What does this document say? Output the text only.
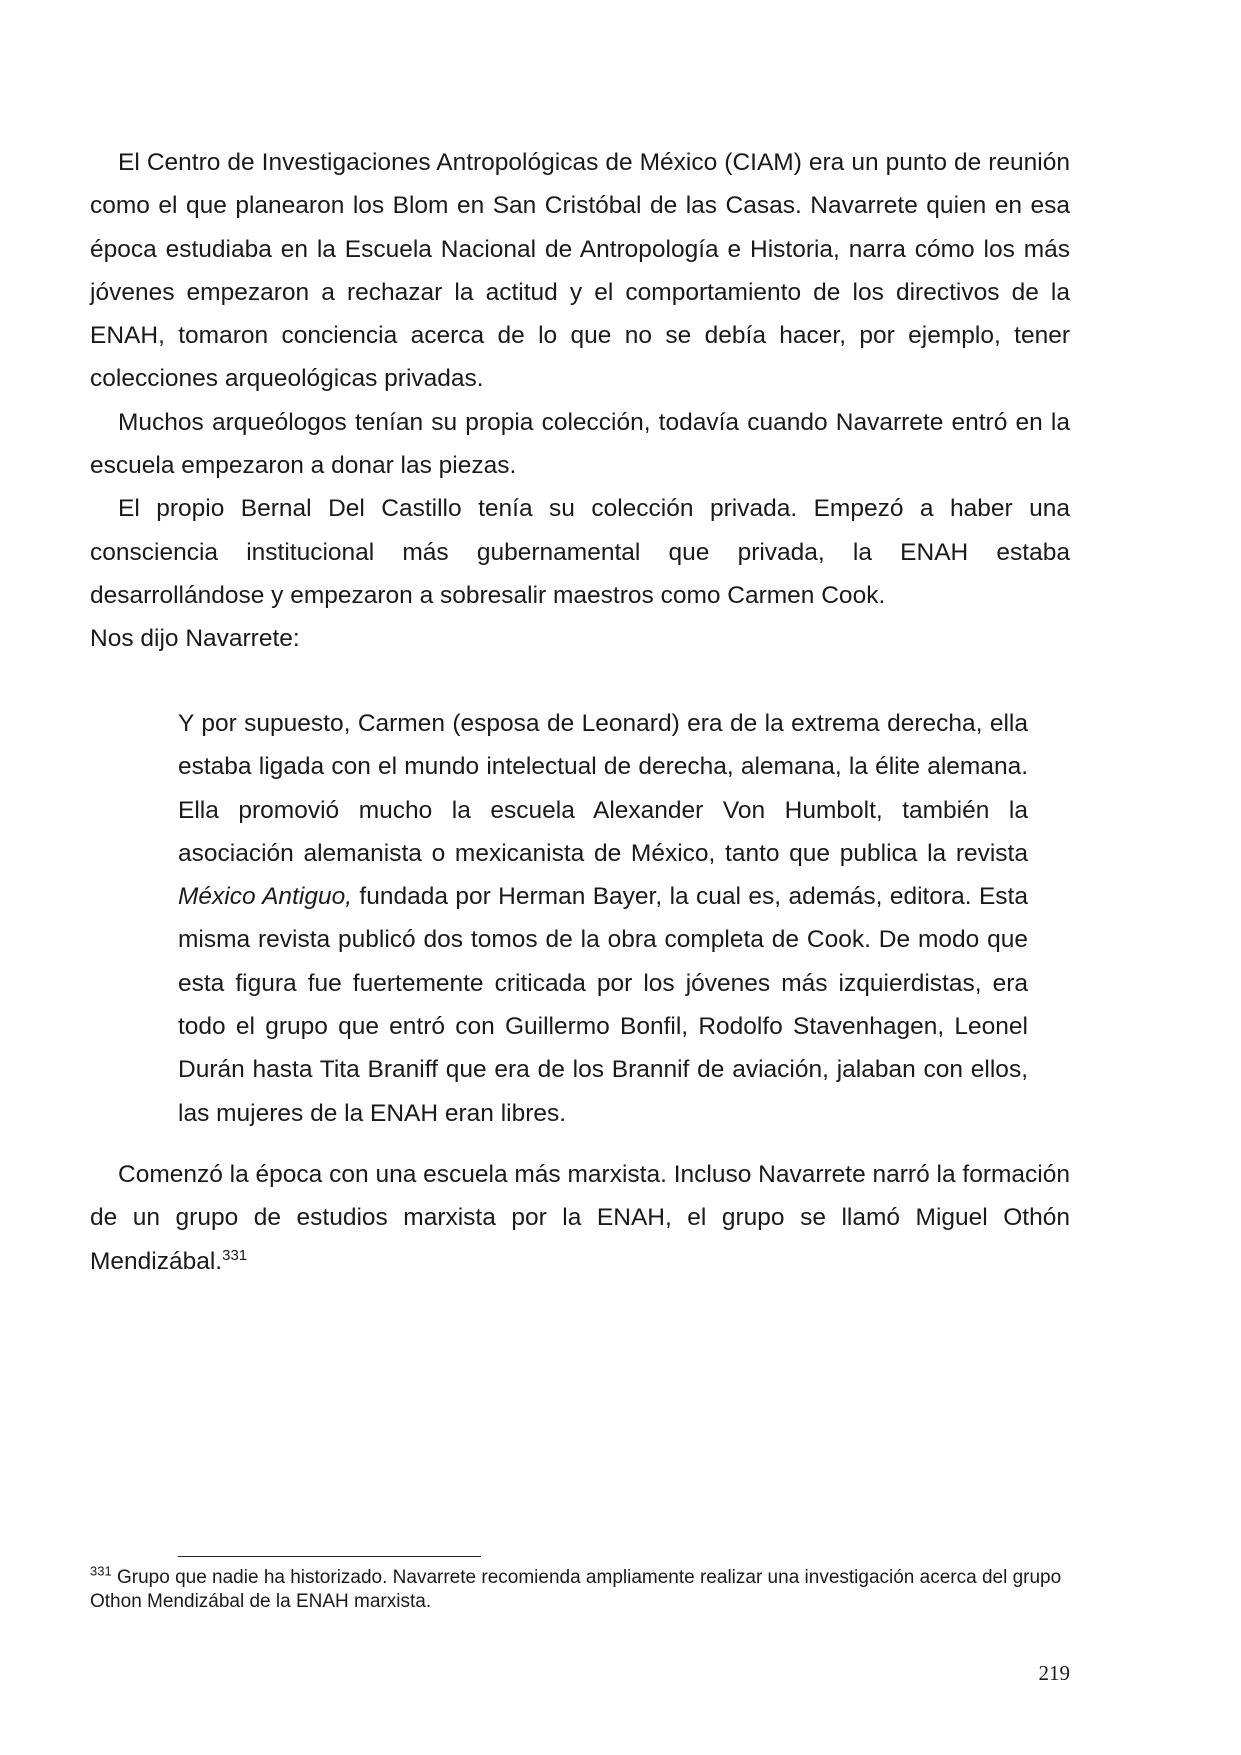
El Centro de Investigaciones Antropológicas de México (CIAM) era un punto de reunión como el que planearon los Blom en San Cristóbal de las Casas. Navarrete quien en esa época estudiaba en la Escuela Nacional de Antropología e Historia, narra cómo los más jóvenes empezaron a rechazar la actitud y el comportamiento de los directivos de la ENAH, tomaron conciencia acerca de lo que no se debía hacer, por ejemplo, tener colecciones arqueológicas privadas.

Muchos arqueólogos tenían su propia colección, todavía cuando Navarrete entró en la escuela empezaron a donar las piezas.

El propio Bernal Del Castillo tenía su colección privada. Empezó a haber una consciencia institucional más gubernamental que privada, la ENAH estaba desarrollándose y empezaron a sobresalir maestros como Carmen Cook.

Nos dijo Navarrete:

Y por supuesto, Carmen (esposa de Leonard) era de la extrema derecha, ella estaba ligada con el mundo intelectual de derecha, alemana, la élite alemana. Ella promovió mucho la escuela Alexander Von Humbolt, también la asociación alemanista o mexicanista de México, tanto que publica la revista México Antiguo, fundada por Herman Bayer, la cual es, además, editora. Esta misma revista publicó dos tomos de la obra completa de Cook. De modo que esta figura fue fuertemente criticada por los jóvenes más izquierdistas, era todo el grupo que entró con Guillermo Bonfil, Rodolfo Stavenhagen, Leonel Durán hasta Tita Braniff que era de los Brannif de aviación, jalaban con ellos, las mujeres de la ENAH eran libres.

Comenzó la época con una escuela más marxista. Incluso Navarrete narró la formación de un grupo de estudios marxista por la ENAH, el grupo se llamó Miguel Othón Mendizábal.$^{331}$

$^{331}$ Grupo que nadie ha historizado. Navarrete recomienda ampliamente realizar una investigación acerca del grupo Othon Mendizábal de la ENAH marxista.

219
